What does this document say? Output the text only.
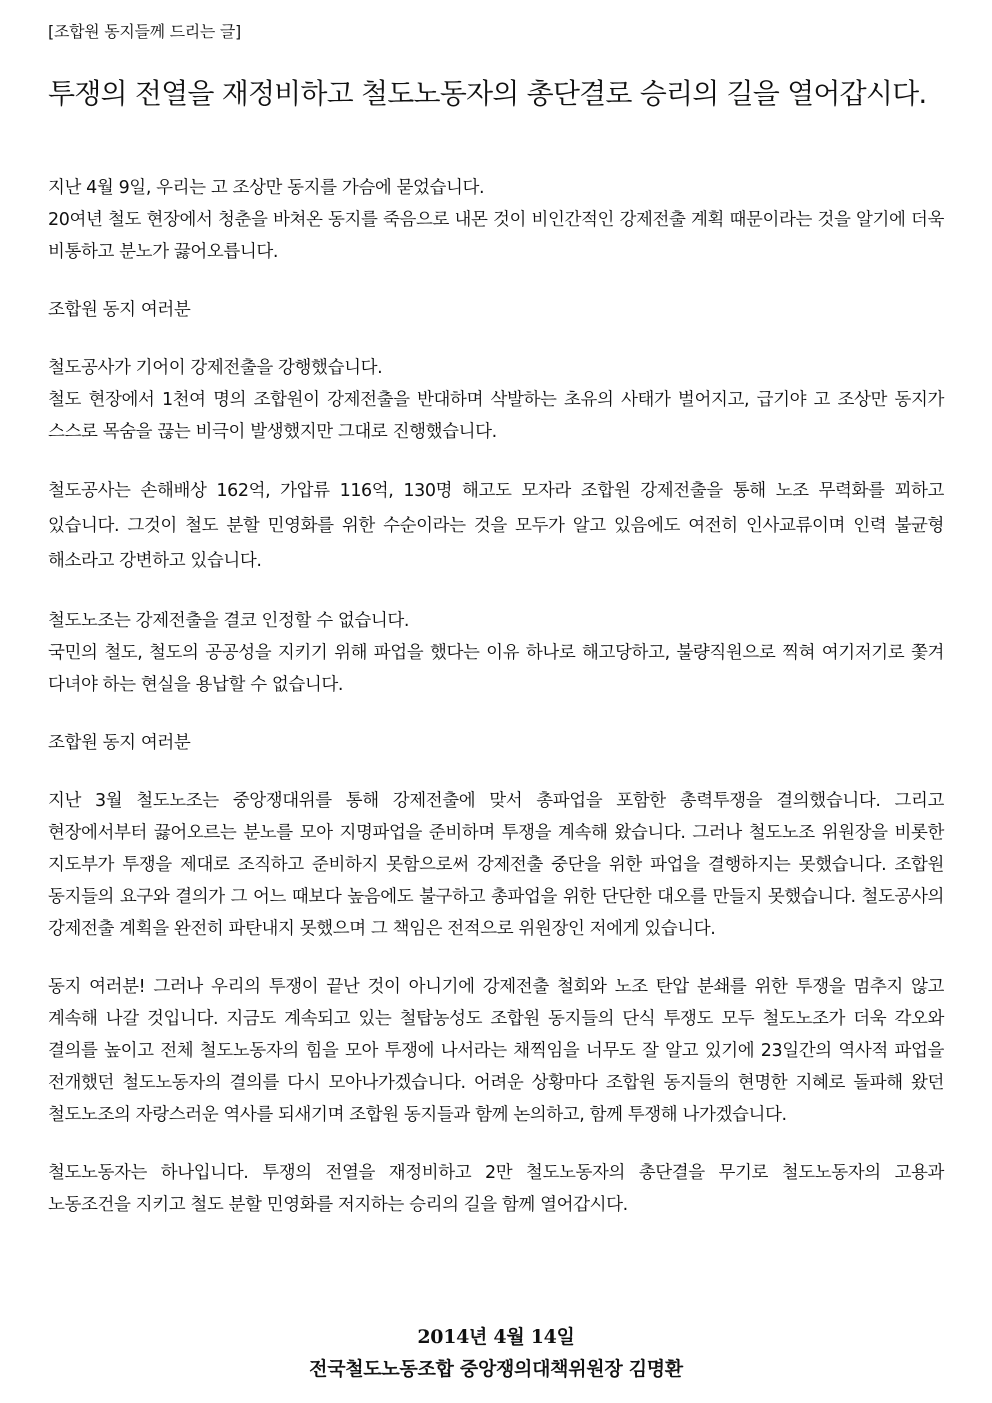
[조합원 동지들께 드리는 글]
투쟁의 전열을 재정비하고 철도노동자의 총단결로 승리의 길을 열어갑시다.
지난 4월 9일, 우리는 고 조상만 동지를 가슴에 묻었습니다.
20여년 철도 현장에서 청춘을 바쳐온 동지를 죽음으로 내몬 것이 비인간적인 강제전출 계획 때문이라는 것을 알기에 더욱 비통하고 분노가 끓어오릅니다.
조합원 동지 여러분
철도공사가 기어이 강제전출을 강행했습니다.
철도 현장에서 1천여 명의 조합원이 강제전출을 반대하며 삭발하는 초유의 사태가 벌어지고, 급기야 고 조상만 동지가 스스로 목숨을 끊는 비극이 발생했지만 그대로 진행했습니다.
철도공사는 손해배상 162억, 가압류 116억, 130명 해고도 모자라 조합원 강제전출을 통해 노조 무력화를 꾀하고 있습니다. 그것이 철도 분할 민영화를 위한 수순이라는 것을 모두가 알고 있음에도 여전히 인사교류이며 인력 불균형 해소라고 강변하고 있습니다.
철도노조는 강제전출을 결코 인정할 수 없습니다.
국민의 철도, 철도의 공공성을 지키기 위해 파업을 했다는 이유 하나로 해고당하고, 불량직원으로 찍혀 여기저기로 쫓겨 다녀야 하는 현실을 용납할 수 없습니다.
조합원 동지 여러분
지난 3월 철도노조는 중앙쟁대위를 통해 강제전출에 맞서 총파업을 포함한 총력투쟁을 결의했습니다. 그리고 현장에서부터 끓어오르는 분노를 모아 지명파업을 준비하며 투쟁을 계속해 왔습니다. 그러나 철도노조 위원장을 비롯한 지도부가 투쟁을 제대로 조직하고 준비하지 못함으로써 강제전출 중단을 위한 파업을 결행하지는 못했습니다. 조합원 동지들의 요구와 결의가 그 어느 때보다 높음에도 불구하고 총파업을 위한 단단한 대오를 만들지 못했습니다. 철도공사의 강제전출 계획을 완전히 파탄내지 못했으며 그 책임은 전적으로 위원장인 저에게 있습니다.
동지 여러분! 그러나 우리의 투쟁이 끝난 것이 아니기에 강제전출 철회와 노조 탄압 분쇄를 위한 투쟁을 멈추지 않고 계속해 나갈 것입니다. 지금도 계속되고 있는 철탑농성도 조합원 동지들의 단식 투쟁도 모두 철도노조가 더욱 각오와 결의를 높이고 전체 철도노동자의 힘을 모아 투쟁에 나서라는 채찍임을 너무도 잘 알고 있기에 23일간의 역사적 파업을 전개했던 철도노동자의 결의를 다시 모아나가겠습니다. 어려운 상황마다 조합원 동지들의 현명한 지혜로 돌파해 왔던 철도노조의 자랑스러운 역사를 되새기며 조합원 동지들과 함께 논의하고, 함께 투쟁해 나가겠습니다.
철도노동자는 하나입니다. 투쟁의 전열을 재정비하고 2만 철도노동자의 총단결을 무기로 철도노동자의 고용과 노동조건을 지키고 철도 분할 민영화를 저지하는 승리의 길을 함께 열어갑시다.
2014년 4월 14일
전국철도노동조합 중앙쟁의대책위원장 김명환
